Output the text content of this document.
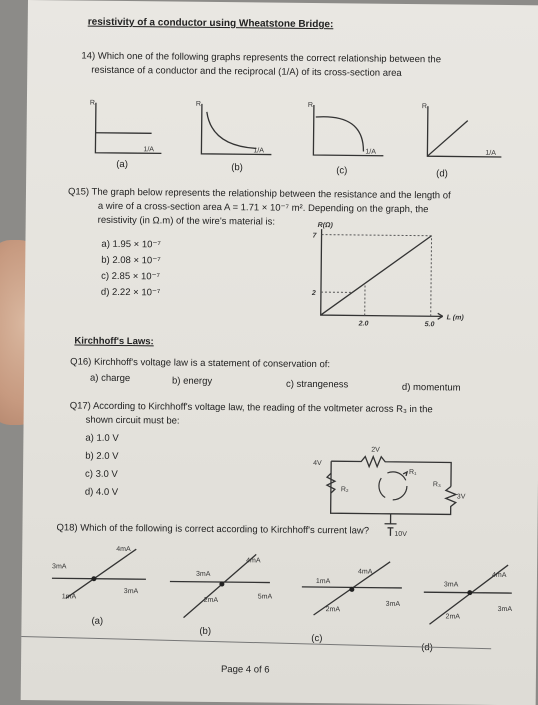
resistivity of a conductor using Wheatstone Bridge:
14) Which one of the following graphs represents the correct relationship between the
resistance of a conductor and the reciprocal (1/A) of its cross-section area
R
1/A
R
1/A
R
1/A
R
1/A
(a)	(b)	(c)	(d)
Q15) The graph below represents the relationship between the resistance and the length of
a wire of a cross-section area A = 1.71 × 10⁻⁷ m². Depending on the graph, the
resistivity (in Ω.m) of the wire's material is:
a) 1.95 × 10⁻⁷
b) 2.08 × 10⁻⁷
c) 2.85 × 10⁻⁷
d) 2.22 × 10⁻⁷
2.0	5.0
2
7
R(Ω)
L (m)
Kirchhoff's Laws:
Q16) Kirchhoff's voltage law is a statement of conservation of:
a) charge	b) energy	c) strangeness	d) momentum
Q17) According to Kirchhoff's voltage law, the reading of the voltmeter across R₃ in the
shown circuit must be:
a) 1.0 V
b) 2.0 V
c) 3.0 V
d) 4.0 V
2V
R₁
4V
R₂
R₃
3V
10V
Q18) Which of the following is correct according to Kirchhoff's current law?
4mA
3mA
1mA
3mA
4mA
3mA
2mA	5mA
4mA
1mA
2mA
3mA
4mA
3mA
2mA
3mA
(a)
(b)
(c)
(d)
Page 4 of 6
